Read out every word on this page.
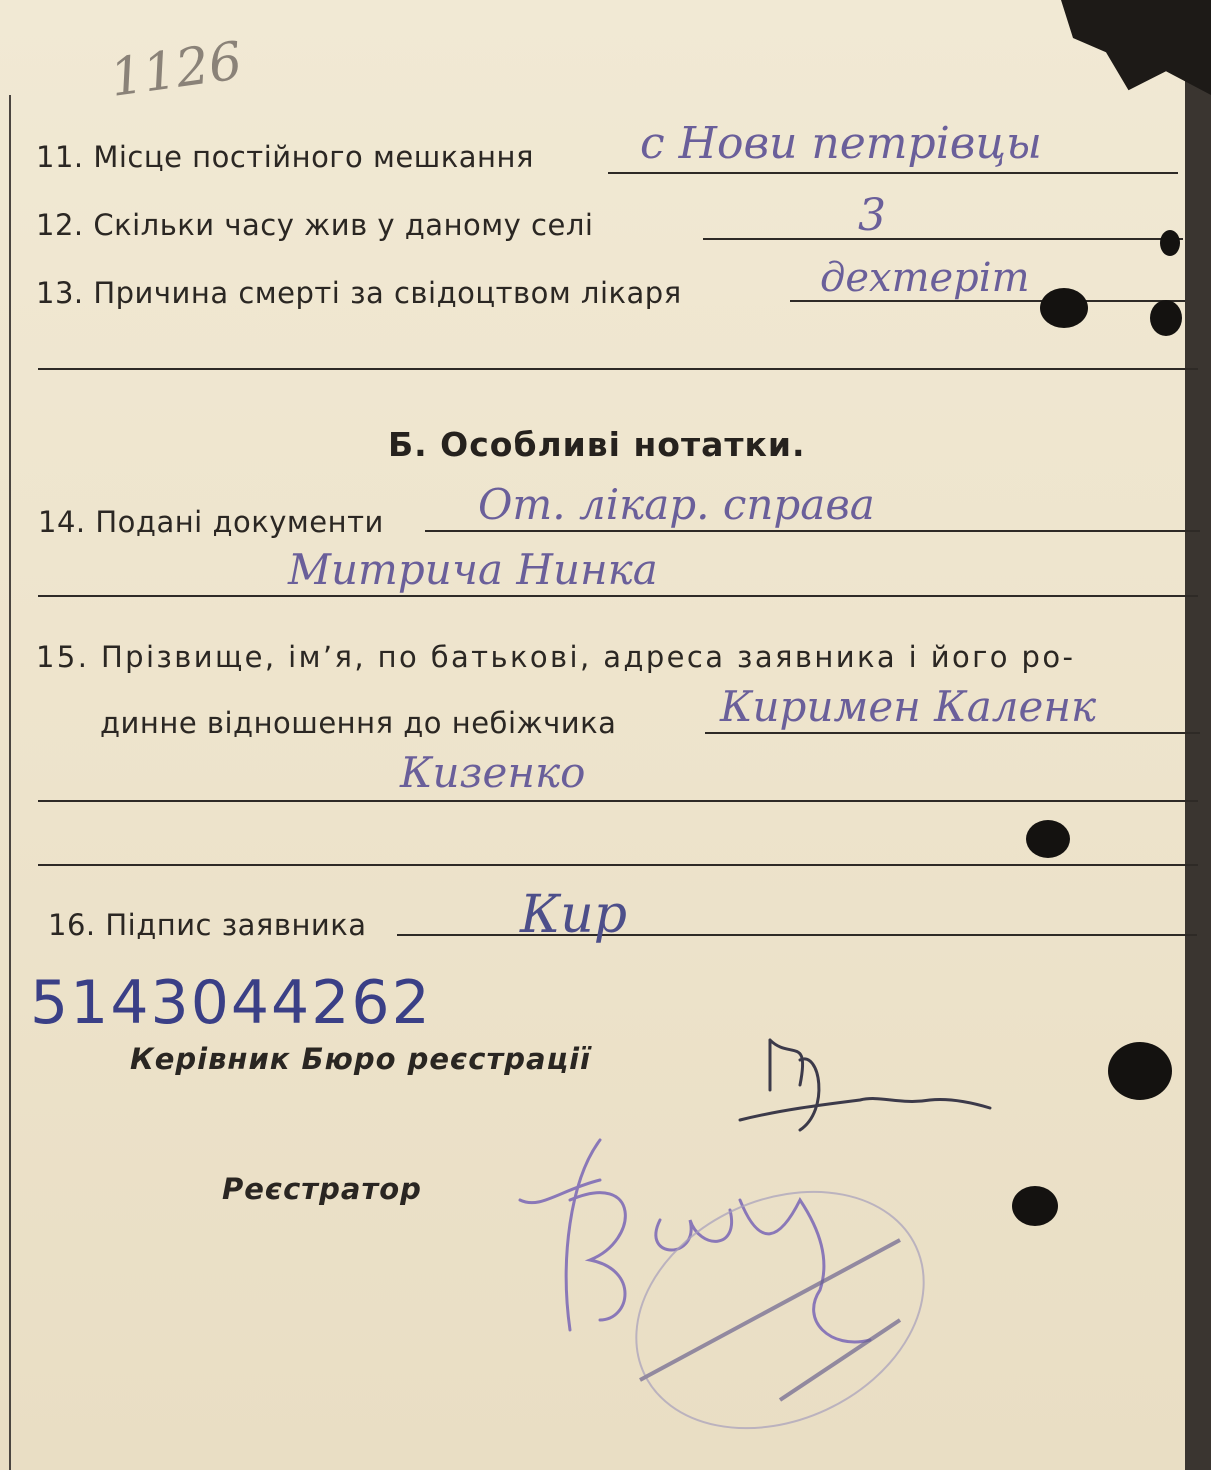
1126
11. Місце постійного мешкання с Нови петрівцы
12. Скільки часу жив у даному селі	3
13. Причина смерті за свідоцтвом лікаря	дехтеріт
Б. Особливі нотатки.
14. Подані документи От. лікар. справа
Митрича Нинка
15. Прізвище, ім’я, по батькові, адреса заявника і його ро-
динне відношення до небіжчика Киримен Каленк
Кизенко
16. Підпис заявника	Кир
5143044262
Керівник Бюро реєстрації
Реєстратор
